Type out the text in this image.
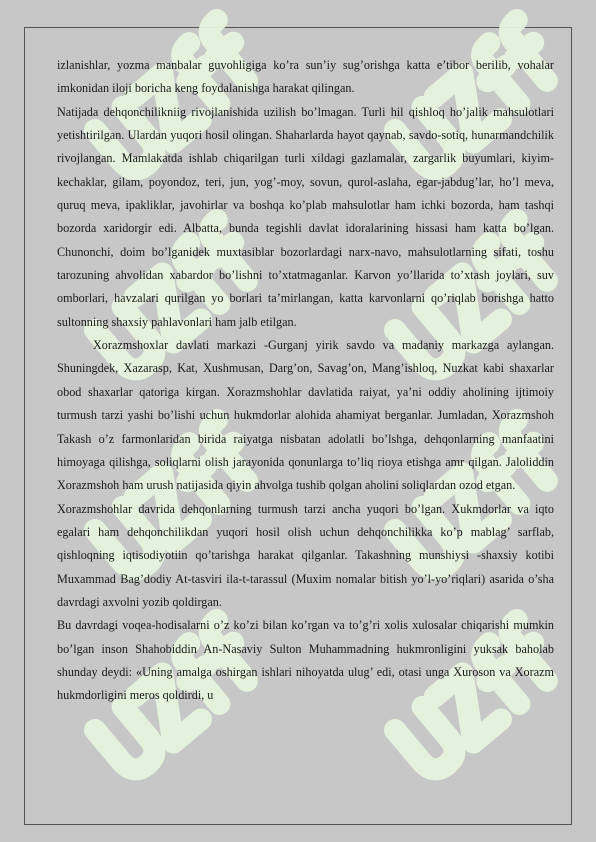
izlanishlar, yozma manbalar guvohligiga ko’ra sun’iy sug’orishga katta e’tibor berilib, vohalar imkonidan iloji boricha keng foydalanishga harakat qilingan.

Natijada dehqonchilikniig rivojlanishida uzilish bo’lmagan. Turli hil qishloq ho’jalik mahsulotlari yetishtirilgan. Ulardan yuqori hosil olingan. Shaharlarda hayot qaynab, savdo-sotiq, hunarmandchilik rivojlangan. Mamlakatda ishlab chiqarilgan turli xildagi gazlamalar, zargarlik buyumlari, kiyim- kechaklar, gilam, poyondoz, teri, jun, yog’-moy, sovun, qurol-aslaha, egar-jabdug’lar, ho’l meva, quruq meva, ipakliklar, javohirlar va boshqa ko’plab mahsulotlar ham ichki bozorda, ham tashqi bozorda xaridorgir edi. Albatta, bunda tegishli davlat idoralarining hissasi ham katta bo’lgan. Chunonchi, doim bo’lganidek muxtasiblar bozorlardagi narx-navo, mahsulotlarning sifati, toshu tarozuning ahvolidan xabardor bo’lishni to’xtatmaganlar. Karvon yo’llarida to’xtash joylari, suv omborlari, havzalari qurilgan yo borlari ta’mirlangan, katta karvonlarni qo’riqlab borishga hatto sultonning shaxsiy pahlavonlari ham jalb etilgan.

Xorazmshoxlar davlati markazi -Gurganj yirik savdo va madaniy markazga aylangan. Shuningdek, Xazarasp, Kat, Xushmusan, Darg’on, Savag’on, Mang’ishloq, Nuzkat kabi shaxarlar obod shaxarlar qatoriga kirgan. Xorazmshohlar davlatida raiyat, ya’ni oddiy aholining ijtimoiy turmush tarzi yashi bo’lishi uchun hukmdorlar alohida ahamiyat berganlar. Jumladan, Xorazmshoh Takash o’z farmonlaridan birida raiyatga nisbatan adolatli bo’lshga, dehqonlarning manfaatini himoyaga qilishga, soliqlarni olish jarayonida qonunlarga to’liq rioya etishga amr qilgan. Jaloliddin Xorazmshoh ham urush natijasida qiyin ahvolga tushib qolgan aholini soliqlardan ozod etgan.

Xorazmshohlar davrida dehqonlarning turmush tarzi ancha yuqori bo’lgan. Xukmdorlar va iqto egalari ham dehqonchilikdan yuqori hosil olish uchun dehqonchilikka ko’p mablag’ sarflab, qishloqning iqtisodiyotiin qo’tarishga harakat qilganlar. Takashning munshiysi -shaxsiy kotibi Muxammad Bag’dodiy At-tasviri ila-t-tarassul (Muxim nomalar bitish yo’l-yo’riqlari) asarida o’sha davrdagi axvolni yozib qoldirgan.

Bu davrdagi voqea-hodisalarni o’z ko’zi bilan ko’rgan va to’g’ri xolis xulosalar chiqarishi mumkin bo’lgan inson Shahobiddin An-Nasaviy Sulton Muhammadning hukmronligini yuksak baholab shunday deydi: «Uning amalga oshirgan ishlari nihoyatda ulug’ edi, otasi unga Xuroson va Xorazm hukmdorligini meros qoldirdi, u
